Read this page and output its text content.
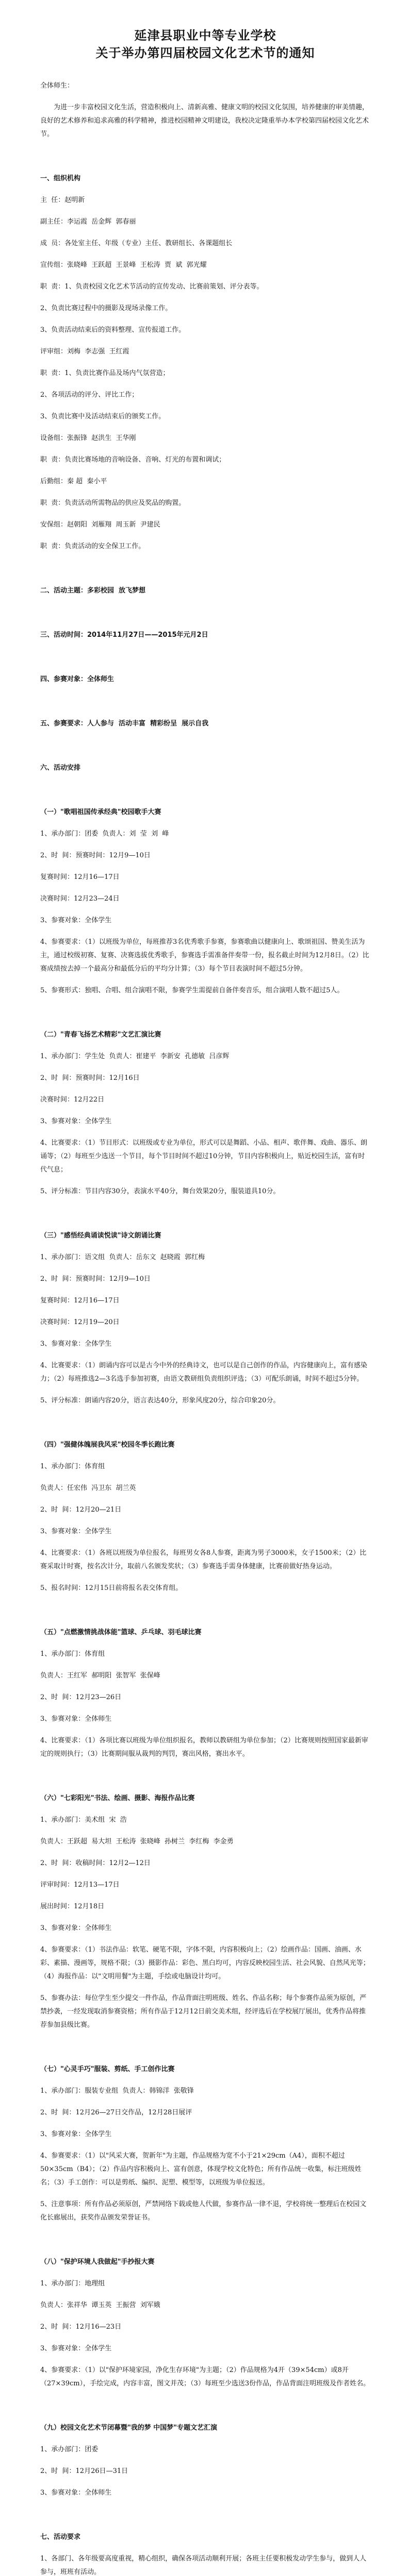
延津县职业中等专业学校
关于举办第四届校园文化艺术节的通知

全体师生：

为进一步丰富校园文化生活，营造积极向上、清新高雅、健康文明的校园文化氛围，培养健康的审美情趣，良好的艺术修养和追求高雅的科学精神，推进校园精神文明建设，我校决定隆重举办本学校第四届校园文化艺术节。

一、组织机构

主  任：赵明新

副主任：李运霞  岳金辉  郭春丽

成  员：各处室主任、年级（专业）主任、教研组长、各课题组长

宣传组：张晓峰  王跃超  王景峰  王松涛  贾  斌  郭光耀

职  责：1、负责校园文化艺术节活动的宣传发动、比赛前策划、评分表等。

2、负责比赛过程中的摄影及现场录像工作。

3、负责活动结束后的资料整理、宣传报道工作。

评审组：刘梅  李志强  王红霞

职  责：1、负责比赛作品及场内气氛营造；

2、各项活动的评分、评比工作；

3、负责比赛中及活动结束后的颁奖工作。

设备组：张振锋  赵洪生  王华刚

职  责：负责比赛场地的音响设备、音响、灯光的布置和调试；

后勤组：秦 超  秦小平

职  责：负责活动所需物品的供应及奖品的购置。

安保组：赵朝阳  刘雁翔  周玉新  尹建民

职  责：负责活动的安全保卫工作。

二、活动主题：多彩校园  放飞梦想

三、活动时间：2014年11月27日——2015年元月2日

四、参赛对象：全体师生

五、参赛要求：人人参与  活动丰富  精彩纷呈  展示自我

六、活动安排

（一）"歌唱祖国传承经典"校园歌手大赛

1、承办部门：团委  负责人：刘  莹  刘  峰

2、时  间：预赛时间：12月9—10日

复赛时间：12月16—17日

决赛时间：12月23—24日

3、参赛对象：全体学生

4、参赛要求：（1）以班级为单位，每班推荐3名优秀歌手参赛，参赛歌曲以健康向上、歌颂祖国、赞美生活为主，通过校级初赛、复赛、决赛选拔优秀歌手，参赛选手需准备伴奏带一份，报名截止时间为12月8日。（2）比赛成绩按去掉一个最高分和最低分后的平均分计算；（3）每个节目表演时间不超过5分钟。

5、参赛形式：独唱、合唱、组合演唱不限，参赛学生需提前自备伴奏音乐，组合演唱人数不超过5人。

（二）"青春飞扬艺术精彩"文艺汇演比赛

1、承办部门：学生处  负责人：崔建平  李新安  孔德敏  吕彦辉

2、时  间：预赛时间：12月16日

决赛时间：12月22日

3、参赛对象：全体学生

4、比赛要求：（1）节目形式：以班级或专业为单位，形式可以是舞蹈、小品、相声、歌伴舞、戏曲、器乐、朗诵等；（2）每班至少选送一个节目，每个节目时间不超过10分钟，节目内容积极向上，贴近校园生活，富有时代气息；

5、评分标准：节目内容30分，表演水平40分，舞台效果20分，服装道具10分。

（三）"感悟经典诵读悦读"诗文朗诵比赛

1、承办部门：语文组  负责人：岳东文  赵晓霞  郭红梅

2、时  间：预赛时间：12月9—10日

复赛时间：12月16—17日

决赛时间：12月19—20日

3、参赛对象：全体学生

4、比赛要求：（1）朗诵内容可以是古今中外的经典诗文，也可以是自己创作的作品，内容健康向上，富有感染力；（2）每班推选2—3名选手参加初赛，由语文教研组负责组织评选；（3）可配乐朗诵，时间不超过5分钟。

5、评分标准：朗诵内容20分，语言表达40分，形象风度20分，综合印象20分。

（四）"强健体魄展我风采"校园冬季长跑比赛

1、承办部门：体育组

负责人：任宏伟  冯卫东  胡兰英

2、时  间：12月20—21日

3、参赛对象：全体学生

4、比赛要求：（1）各班以班级为单位报名，每班男女各8人参赛，距离为男子3000米，女子1500米；（2）比赛采取计时赛，按名次计分，取前八名颁发奖状；（3）参赛选手需身体健康，比赛前做好热身运动。

5、报名时间：12月15日前将报名表交体育组。

（五）"点燃激情挑战体能"篮球、乒乓球、羽毛球比赛

1、承办部门：体育组

负责人：王红军  郝明阳  张智军  张保峰

2、时  间：12月23—26日

3、参赛对象：全体师生

4、比赛要求：（1）各项比赛以班级为单位组织报名，教师以教研组为单位参加；（2）比赛规则按照国家最新审定的规则执行；（3）比赛期间服从裁判的判罚，赛出风格，赛出水平。

（六）"七彩阳光"书法、绘画、摄影、海报作品比赛

1、承办部门：美术组  宋  浩

负责人：王跃超  易大坦  王松涛  张晓峰  孙树兰  李红梅  李金勇

2、时  间：收稿时间：12月2—12日

评审时间：12月13—17日

展出时间：12月18日

3、参赛对象：全体师生

4、参赛要求：（1）书法作品：软笔、硬笔不限，字体不限，内容积极向上；（2）绘画作品：国画、油画、水彩、素描、漫画等，规格不限；（3）摄影作品：彩色、黑白均可，内容反映校园生活、社会风貌、自然风光等；（4）海报作品：以"文明用餐"为主题，手绘或电脑设计均可。

5、参赛办法：每位学生至少提交一件作品，作品背面注明班级、姓名、作品名称；每个参赛作品须为原创，严禁抄袭，一经发现取消参赛资格；所有作品于12月12日前交美术组，经评选后在学校展厅展出，优秀作品将推荐参加县级比赛。

（七）"心灵手巧"服装、剪纸、手工创作比赛

1、承办部门：服装专业组  负责人：韩锦洋  张敬锋

2、时  间：12月26—27日交作品，12月28日展评

3、参赛对象：全体学生

4、参赛要求：（1）以"风采大赛，贺新年"为主题，作品规格为宽不小于21×29cm（A4），面积不超过50×35cm（B4）；（2）作品内容积极向上、富有创意，体现学校文化特色；所有作品统一收集，标注班级姓名；（3）手工创作：可以是剪纸、编织、泥塑、模型等，以班级为单位报送。

5、注意事项：所有作品必须原创，严禁网络下载或他人代做，参赛作品一律不退，学校将统一整理后在校园文化长廊展出，获奖作品颁发荣誉证书。

（八）"保护环境人我做起"手抄报大赛

1、承办部门：地理组

负责人：张祥华  谭玉英  王振营  刘军娥

2、时  间：12月16—23日

3、参赛对象：全体学生

4、参赛要求：（1）以"保护环境家园，净化生存环境"为主题；（2）作品规格为4开（39×54cm）或8开（27×39cm），手绘完成，内容丰富，图文并茂；（3）每班至少选送3份作品，作品背面注明班级及作者姓名。

（九）校园文化艺术节闭幕暨"我的梦 中国梦"专题文艺汇演

1、承办部门：团委

2、时  间：12月26日—31日

3、参赛对象：全体师生

七、活动要求

1、各部门、各年级要高度重视，精心组织，确保各项活动顺利开展；各班主任要积极发动学生参与，做到人人参与，班班有活动。
